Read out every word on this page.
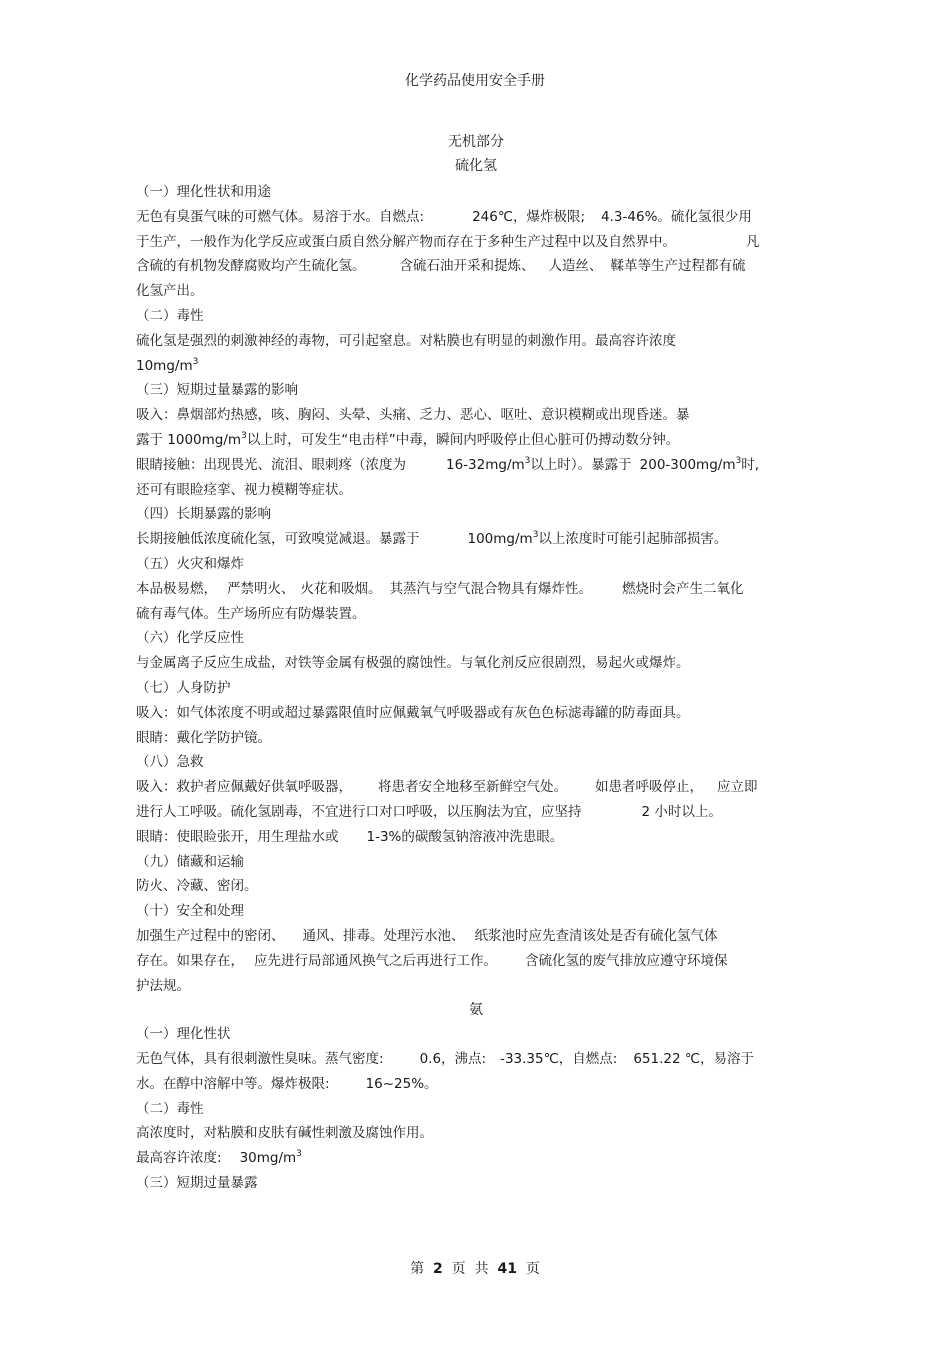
化学药品使用安全手册
无机部分
硫化氢
（一）理化性状和用途
无色有臭蛋气味的可燃气体。易溶于水。自燃点:	246℃，爆炸极限; 4.3-46%。硫化氢很少用
于生产，一般作为化学反应或蛋白质自然分解产物而存在于多种生产过程中以及自然界中。	凡
含硫的有机物发酵腐败均产生硫化氢。	含硫石油开采和提炼、 人造丝、 鞣革等生产过程都有硫
化氢产出。
（二）毒性
硫化氢是强烈的刺激神经的毒物，可引起窒息。对粘膜也有明显的刺激作用。最高容许浓度
$10mg/m^3$
（三）短期过量暴露的影响
吸入：鼻烟部灼热感，咳、胸闷、头晕、头痛、乏力、恶心、呕吐、意识模糊或出现昏迷。暴
露于 $1000mg/m^3$以上时，可发生“电击样”中毒，瞬间内呼吸停止但心脏可仍搏动数分钟。
眼睛接触：出现畏光、流泪、眼刺疼（浓度为	$16-32mg/m^3$以上时）。暴露于 $200-300mg/m^3$时,
还可有眼睑痉挛、视力模糊等症状。
（四）长期暴露的影响
长期接触低浓度硫化氢，可致嗅觉减退。暴露于	$100mg/m^3$以上浓度时可能引起肺部损害。
（五）火灾和爆炸
本品极易燃， 严禁明火、 火花和吸烟。 其蒸汽与空气混合物具有爆炸性。 燃烧时会产生二氧化
硫有毒气体。生产场所应有防爆装置。
（六）化学反应性
与金属离子反应生成盐，对铁等金属有极强的腐蚀性。与氧化剂反应很剧烈，易起火或爆炸。
（七）人身防护
吸入：如气体浓度不明或超过暴露限值时应佩戴氧气呼吸器或有灰色色标滤毒罐的防毒面具。
眼睛：戴化学防护镜。
（八）急救
吸入：救护者应佩戴好供氧呼吸器， 将患者安全地移至新鲜空气处。 如患者呼吸停止， 应立即
进行人工呼吸。硫化氢剧毒，不宜进行口对口呼吸，以压胸法为宜，应坚持	2 小时以上。
眼睛：使眼睑张开，用生理盐水或 1-3%的碳酸氢钠溶液冲洗患眼。
（九）储藏和运输
防火、冷藏、密闭。
（十）安全和处理
加强生产过程中的密闭、 通风、排毒。处理污水池、 纸浆池时应先查清该处是否有硫化氢气体
存在。如果存在， 应先进行局部通风换气之后再进行工作。 含硫化氢的废气排放应遵守环境保
护法规。
氨
（一）理化性状
无色气体，具有很刺激性臭味。蒸气密度:	0.6，沸点: -33.35℃，自燃点: 651.22 ℃，易溶于
水。在醇中溶解中等。爆炸极限:	16~25%。
（二）毒性
高浓度时，对粘膜和皮肤有碱性刺激及腐蚀作用。
最高容许浓度: $30mg/m^3$
（三）短期过量暴露
第 2 页 共 41 页
